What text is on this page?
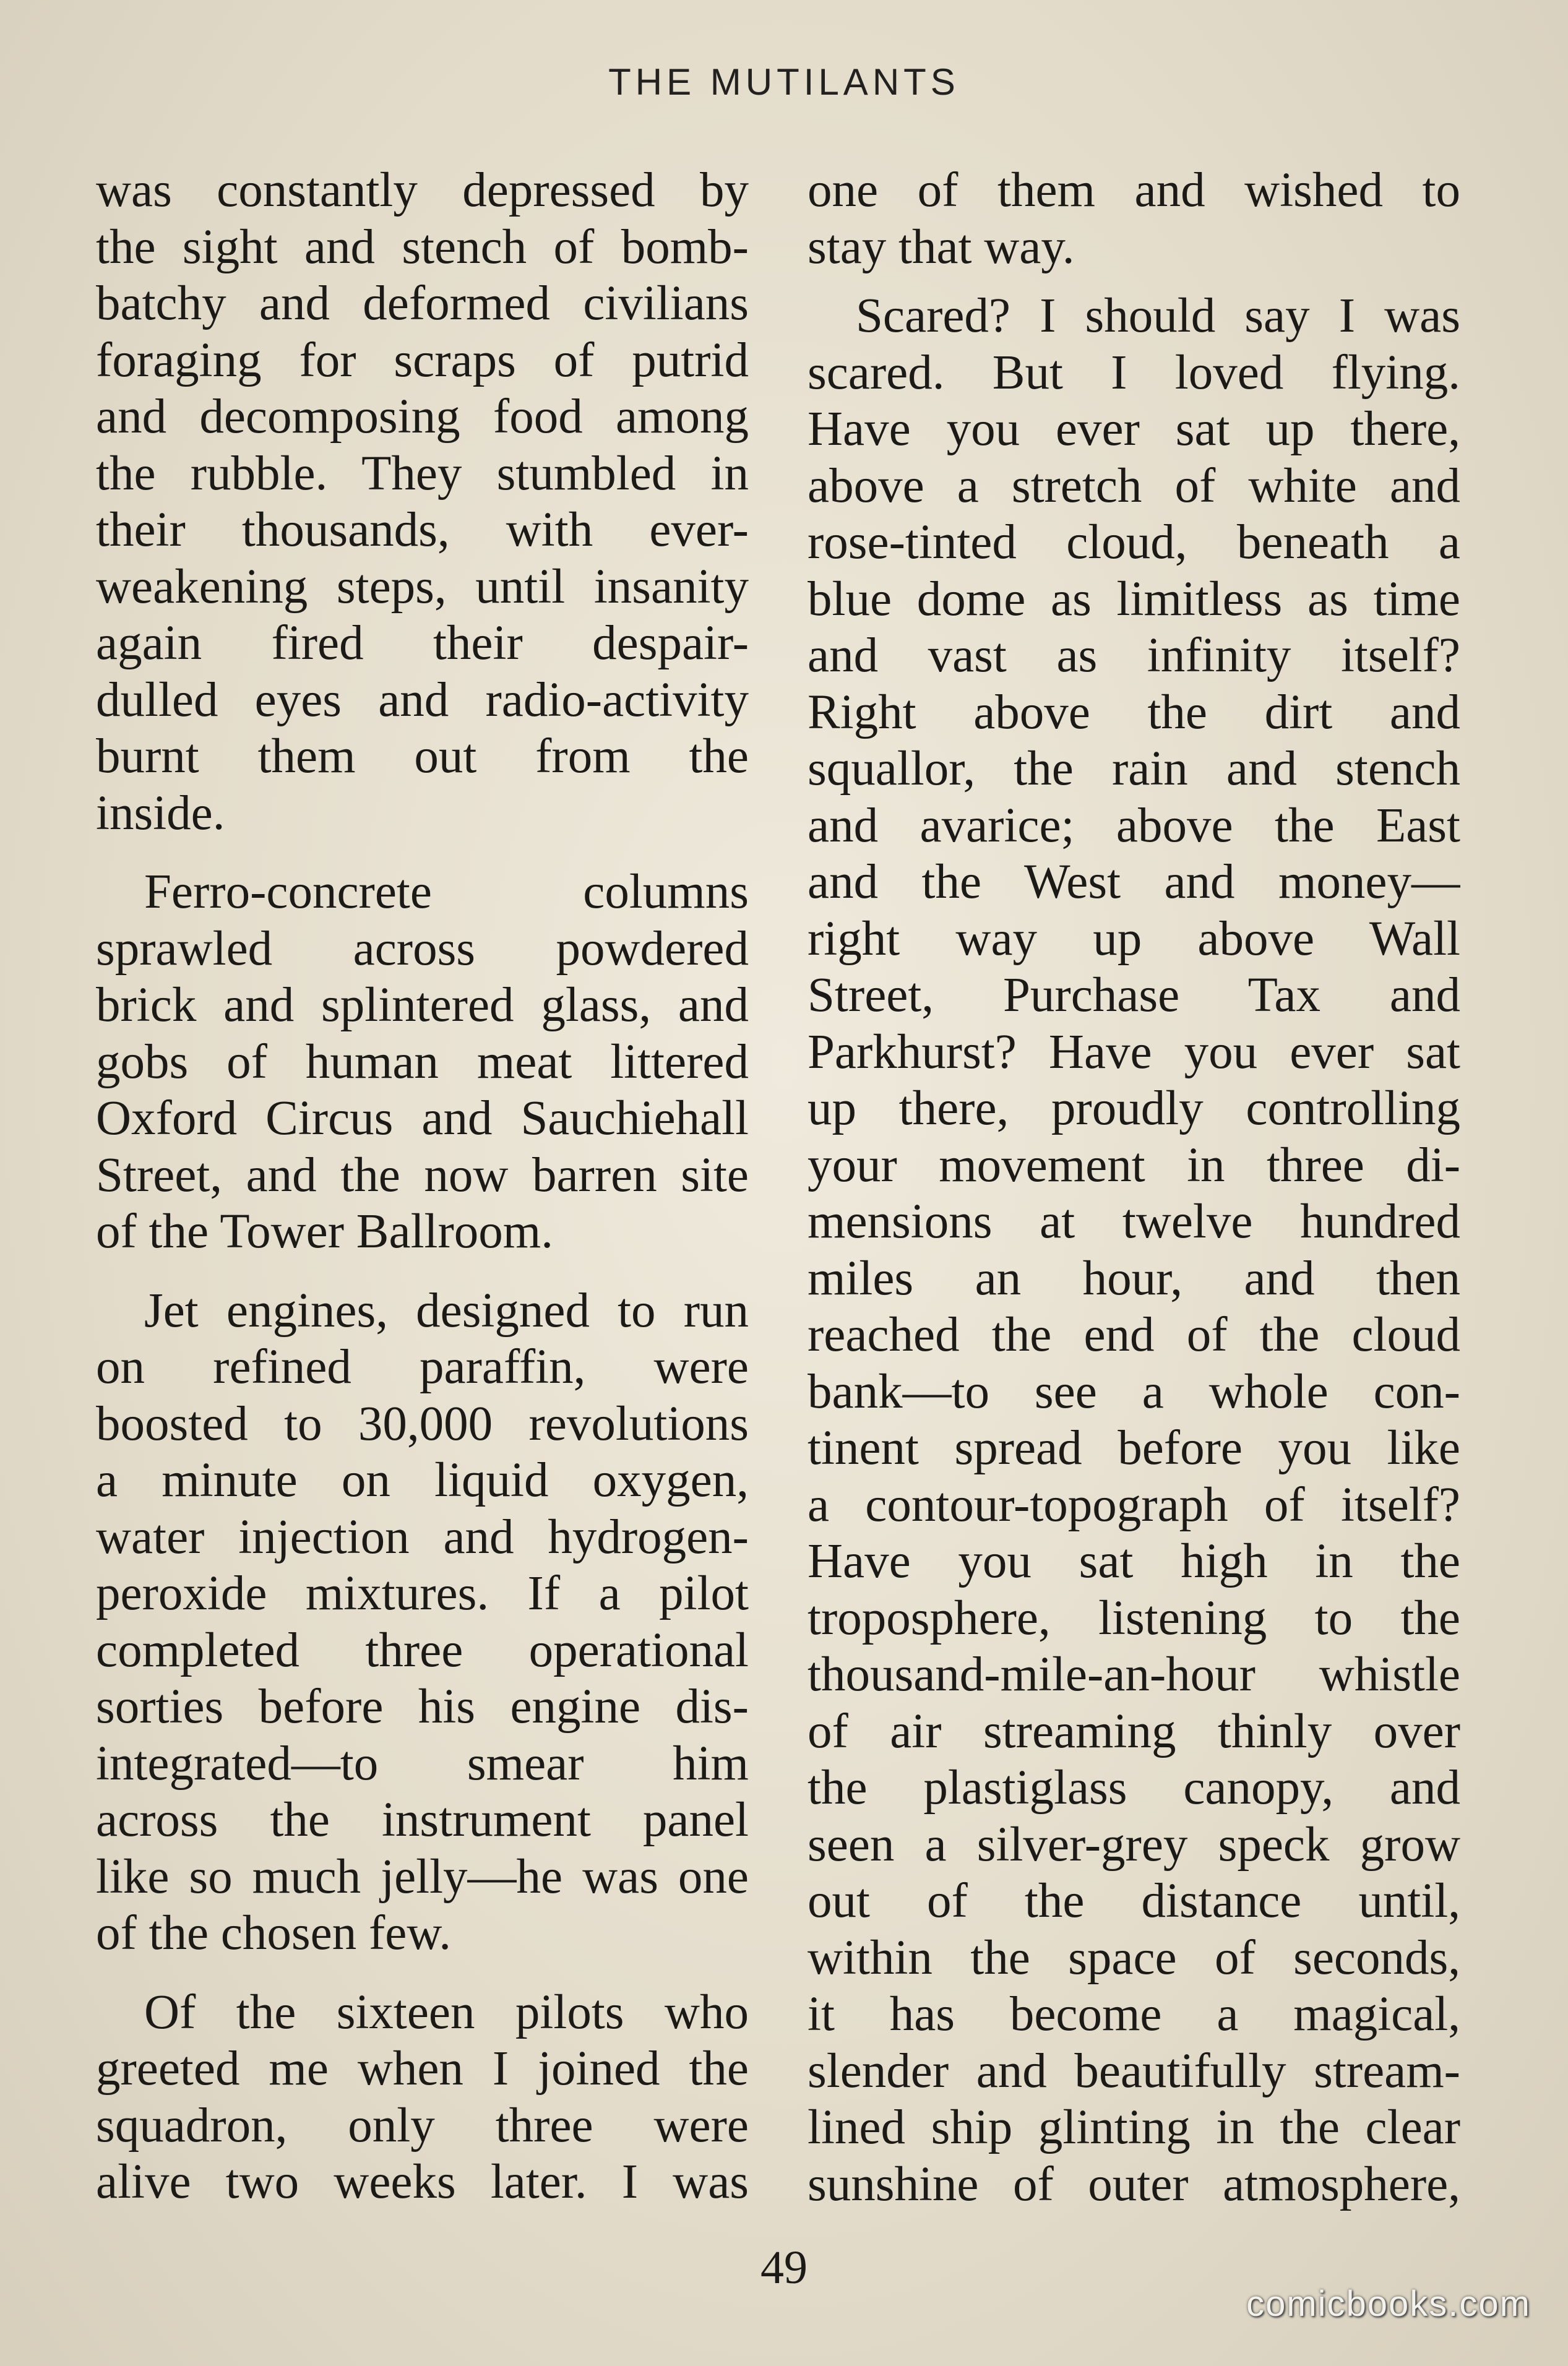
THE MUTILANTS
was constantly depressed by
the sight and stench of bomb-
batchy and deformed civilians
foraging for scraps of putrid
and decomposing food among
the rubble. They stumbled in
their thousands, with ever-
weakening steps, until insanity
again fired their despair-
dulled eyes and radio-activity
burnt them out from the
inside.
Ferro-concrete columns
sprawled across powdered
brick and splintered glass, and
gobs of human meat littered
Oxford Circus and Sauchiehall
Street, and the now barren site
of the Tower Ballroom.
Jet engines, designed to run
on refined paraffin, were
boosted to 30,000 revolutions
a minute on liquid oxygen,
water injection and hydrogen-
peroxide mixtures. If a pilot
completed three operational
sorties before his engine dis-
integrated—to smear him
across the instrument panel
like so much jelly—he was one
of the chosen few.
Of the sixteen pilots who
greeted me when I joined the
squadron, only three were
alive two weeks later. I was
one of them and wished to
stay that way.
Scared? I should say I was
scared. But I loved flying.
Have you ever sat up there,
above a stretch of white and
rose-tinted cloud, beneath a
blue dome as limitless as time
and vast as infinity itself?
Right above the dirt and
squallor, the rain and stench
and avarice; above the East
and the West and money—
right way up above Wall
Street, Purchase Tax and
Parkhurst? Have you ever sat
up there, proudly controlling
your movement in three di-
mensions at twelve hundred
miles an hour, and then
reached the end of the cloud
bank—to see a whole con-
tinent spread before you like
a contour-topograph of itself?
Have you sat high in the
troposphere, listening to the
thousand-mile-an-hour whistle
of air streaming thinly over
the plastiglass canopy, and
seen a silver-grey speck grow
out of the distance until,
within the space of seconds,
it has become a magical,
slender and beautifully stream-
lined ship glinting in the clear
sunshine of outer atmosphere,
49
comicbooks.com
